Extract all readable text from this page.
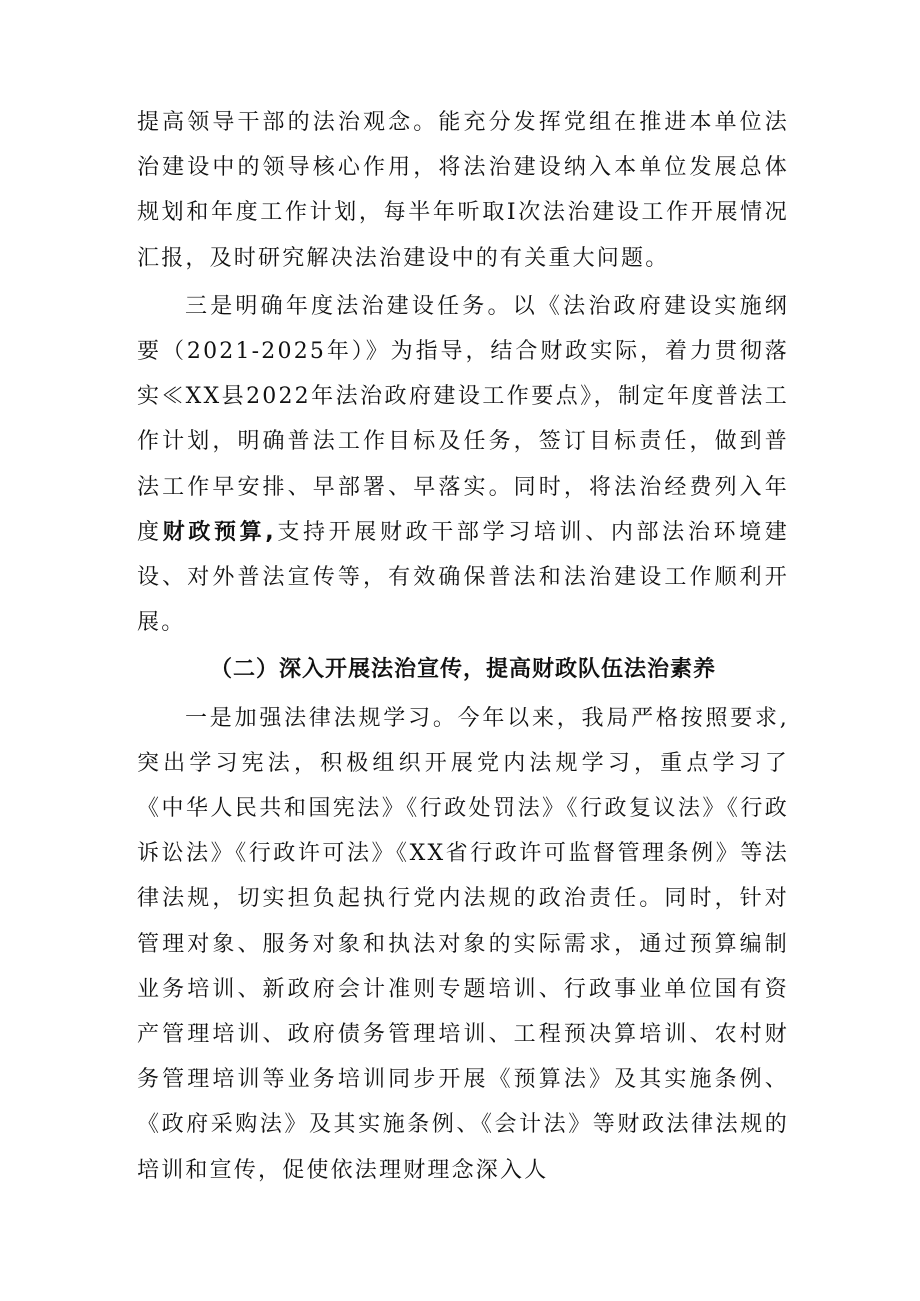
提高领导干部的法治观念。能充分发挥党组在推进本单位法治建设中的领导核心作用，将法治建设纳入本单位发展总体规划和年度工作计划，每半年听取I次法治建设工作开展情况汇报，及时研究解决法治建设中的有关重大问题。

三是明确年度法治建设任务。以《法治政府建设实施纲要（2021-2025年）》为指导，结合财政实际，着力贯彻落实≪XX县2022年法治政府建设工作要点》，制定年度普法工作计划，明确普法工作目标及任务，签订目标责任，做到普法工作早安排、早部署、早落实。同时，将法治经费列入年度财政预算,支持开展财政干部学习培训、内部法治环境建设、对外普法宣传等，有效确保普法和法治建设工作顺利开展。

（二）深入开展法治宣传，提高财政队伍法治素养

一是加强法律法规学习。今年以来，我局严格按照要求,突出学习宪法，积极组织开展党内法规学习，重点学习了《中华人民共和国宪法》《行政处罚法》《行政复议法》《行政诉讼法》《行政许可法》《XX省行政许可监督管理条例》等法律法规，切实担负起执行党内法规的政治责任。同时，针对管理对象、服务对象和执法对象的实际需求，通过预算编制业务培训、新政府会计准则专题培训、行政事业单位国有资产管理培训、政府债务管理培训、工程预决算培训、农村财务管理培训等业务培训同步开展《预算法》及其实施条例、《政府采购法》及其实施条例、《会计法》等财政法律法规的培训和宣传，促使依法理财理念深入人
